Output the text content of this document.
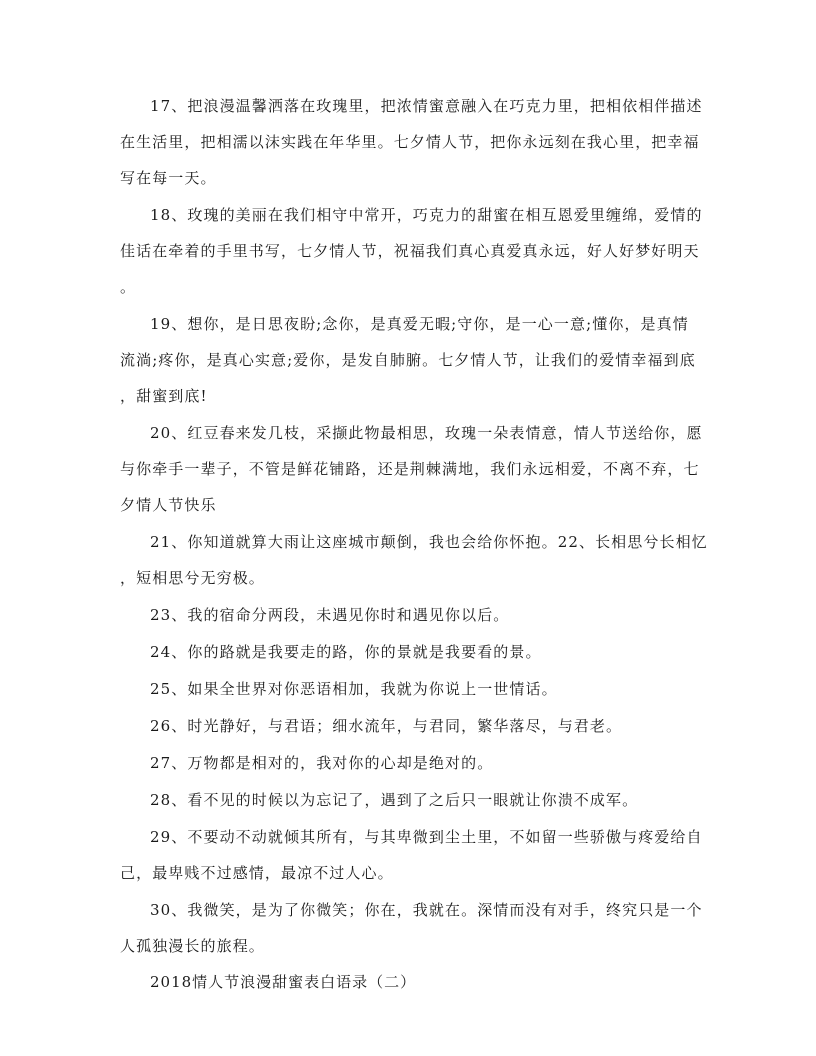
17、把浪漫温馨洒落在玫瑰里，把浓情蜜意融入在巧克力里，把相依相伴描述
在生活里，把相濡以沫实践在年华里。七夕情人节，把你永远刻在我心里，把幸福
写在每一天。
18、玫瑰的美丽在我们相守中常开，巧克力的甜蜜在相互恩爱里缠绵，爱情的
佳话在牵着的手里书写，七夕情人节，祝福我们真心真爱真永远，好人好梦好明天
。
19、想你，是日思夜盼;念你，是真爱无暇;守你，是一心一意;懂你，是真情
流淌;疼你，是真心实意;爱你，是发自肺腑。七夕情人节，让我们的爱情幸福到底
，甜蜜到底!
20、红豆春来发几枝，采撷此物最相思，玫瑰一朵表情意，情人节送给你，愿
与你牵手一辈子，不管是鲜花铺路，还是荆棘满地，我们永远相爱，不离不弃，七
夕情人节快乐
21、你知道就算大雨让这座城市颠倒，我也会给你怀抱。22、长相思兮长相忆
，短相思兮无穷极。
23、我的宿命分两段，未遇见你时和遇见你以后。
24、你的路就是我要走的路，你的景就是我要看的景。
25、如果全世界对你恶语相加，我就为你说上一世情话。
26、时光静好，与君语；细水流年，与君同，繁华落尽，与君老。
27、万物都是相对的，我对你的心却是绝对的。
28、看不见的时候以为忘记了，遇到了之后只一眼就让你溃不成军。
29、不要动不动就倾其所有，与其卑微到尘土里，不如留一些骄傲与疼爱给自
己，最卑贱不过感情，最凉不过人心。
30、我微笑，是为了你微笑；你在，我就在。深情而没有对手，终究只是一个
人孤独漫长的旅程。
2018情人节浪漫甜蜜表白语录（二）
